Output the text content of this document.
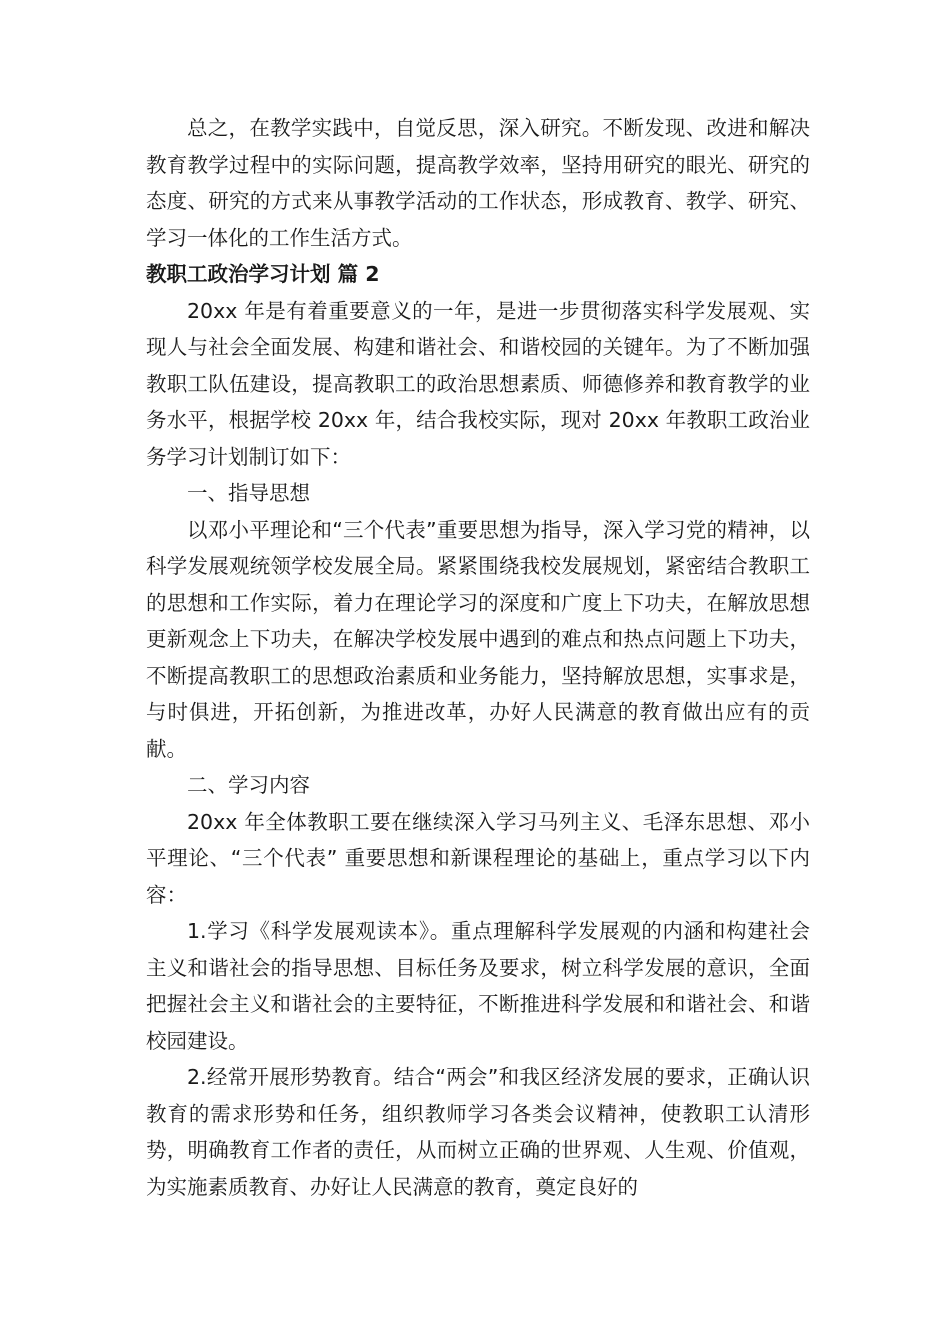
总之，在教学实践中，自觉反思，深入研究。不断发现、改进和解决教育教学过程中的实际问题，提高教学效率，坚持用研究的眼光、研究的态度、研究的方式来从事教学活动的工作状态，形成教育、教学、研究、学习一体化的工作生活方式。

教职工政治学习计划 篇 2

20xx 年是有着重要意义的一年，是进一步贯彻落实科学发展观、实现人与社会全面发展、构建和谐社会、和谐校园的关键年。为了不断加强教职工队伍建设，提高教职工的政治思想素质、师德修养和教育教学的业务水平，根据学校 20xx 年，结合我校实际，现对 20xx 年教职工政治业务学习计划制订如下：

一、指导思想

以邓小平理论和“三个代表”重要思想为指导，深入学习党的精神，以科学发展观统领学校发展全局。紧紧围绕我校发展规划，紧密结合教职工的思想和工作实际，着力在理论学习的深度和广度上下功夫，在解放思想更新观念上下功夫，在解决学校发展中遇到的难点和热点问题上下功夫，不断提高教职工的思想政治素质和业务能力，坚持解放思想，实事求是，与时俱进，开拓创新，为推进改革，办好人民满意的教育做出应有的贡献。

二、学习内容

20xx 年全体教职工要在继续深入学习马列主义、毛泽东思想、邓小平理论、“三个代表” 重要思想和新课程理论的基础上，重点学习以下内容：

1.学习《科学发展观读本》。重点理解科学发展观的内涵和构建社会主义和谐社会的指导思想、目标任务及要求，树立科学发展的意识，全面把握社会主义和谐社会的主要特征，不断推进科学发展和和谐社会、和谐校园建设。

2.经常开展形势教育。结合“两会”和我区经济发展的要求，正确认识教育的需求形势和任务，组织教师学习各类会议精神，使教职工认清形势，明确教育工作者的责任，从而树立正确的世界观、人生观、价值观，为实施素质教育、办好让人民满意的教育，奠定良好的
